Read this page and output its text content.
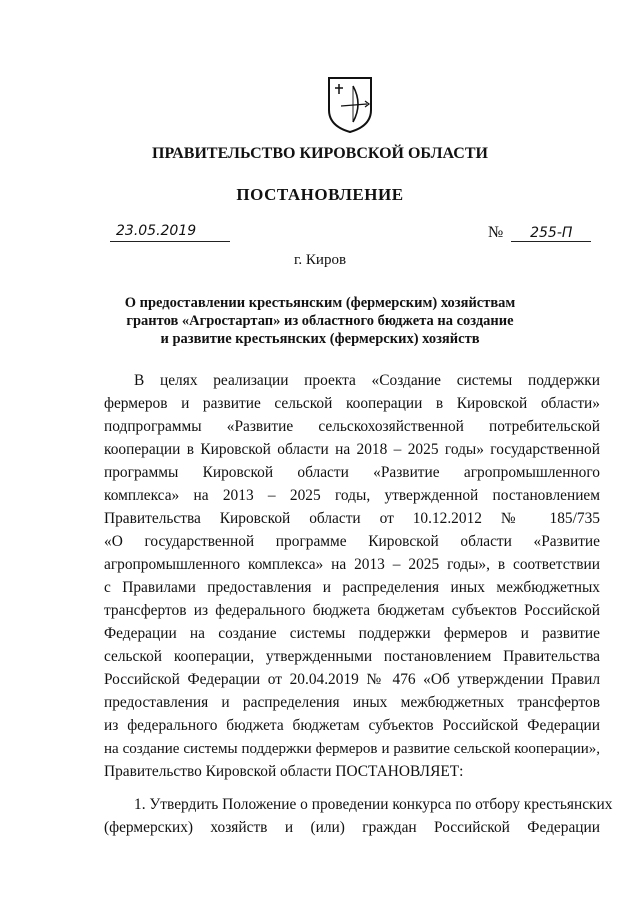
ПРАВИТЕЛЬСТВО КИРОВСКОЙ ОБЛАСТИ
ПОСТАНОВЛЕНИЕ
23.05.2019	№ 255-П
г. Киров
О предоставлении крестьянским (фермерским) хозяйствам
грантов «Агростартап» из областного бюджета на создание
и развитие крестьянских (фермерских) хозяйств
В целях реализации проекта «Создание системы поддержки
фермеров и развитие сельской кооперации в Кировской области»
подпрограммы «Развитие сельскохозяйственной потребительской
кооперации в Кировской области на 2018 – 2025 годы» государственной
программы Кировской области «Развитие агропромышленного
комплекса» на 2013 – 2025 годы, утвержденной постановлением
Правительства Кировской области от 10.12.2012 № 185/735
«О государственной программе Кировской области «Развитие
агропромышленного комплекса» на 2013 – 2025 годы», в соответствии
с Правилами предоставления и распределения иных межбюджетных
трансфертов из федерального бюджета бюджетам субъектов Российской
Федерации на создание системы поддержки фермеров и развитие
сельской кооперации, утвержденными постановлением Правительства
Российской Федерации от 20.04.2019 № 476 «Об утверждении Правил
предоставления и распределения иных межбюджетных трансфертов
из федерального бюджета бюджетам субъектов Российской Федерации
на создание системы поддержки фермеров и развитие сельской кооперации»,
Правительство Кировской области ПОСТАНОВЛЯЕТ:
1. Утвердить Положение о проведении конкурса по отбору крестьянских
(фермерских) хозяйств и (или) граждан Российской Федерации
